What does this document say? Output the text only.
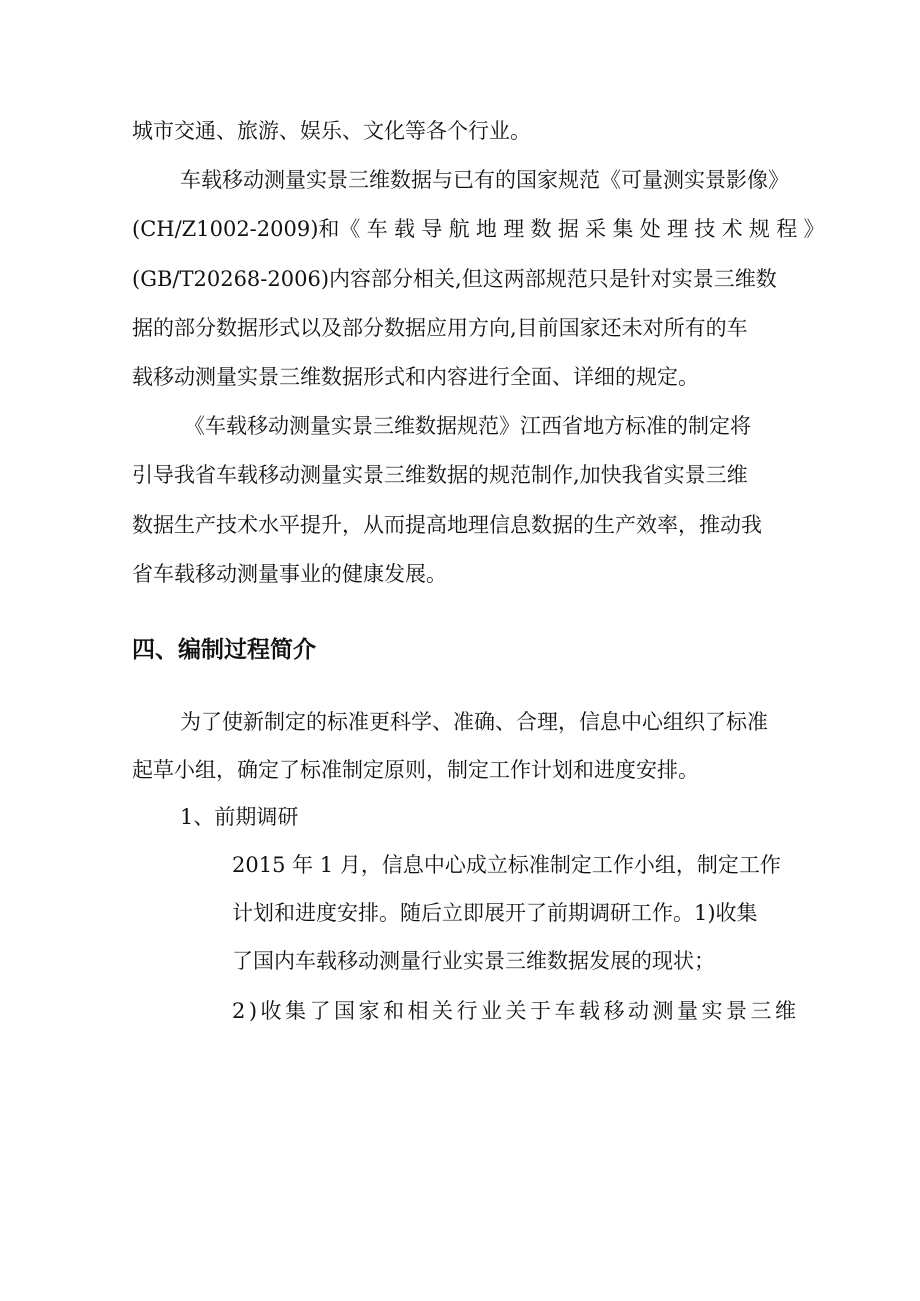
城市交通、旅游、娱乐、文化等各个行业。
车载移动测量实景三维数据与已有的国家规范《可量测实景影像》
(CH/Z1002-2009) 和 《车载导航地理数据采集处理技术规程》
(GB/T20268-2006)内容部分相关,但这两部规范只是针对实景三维数
据的部分数据形式以及部分数据应用方向,目前国家还未对所有的车
载移动测量实景三维数据形式和内容进行全面、详细的规定。
《车载移动测量实景三维数据规范》江西省地方标准的制定将
引导我省车载移动测量实景三维数据的规范制作,加快我省实景三维
数据生产技术水平提升，从而提高地理信息数据的生产效率，推动我
省车载移动测量事业的健康发展。
四、编制过程简介
为了使新制定的标准更科学、准确、合理，信息中心组织了标准
起草小组，确定了标准制定原则，制定工作计划和进度安排。
1、前期调研
2015 年 1 月，信息中心成立标准制定工作小组，制定工作
计划和进度安排。随后立即展开了前期调研工作。1)收集
了国内车载移动测量行业实景三维数据发展的现状；
2)收集了国家和相关行业关于车载移动测量实景三维
